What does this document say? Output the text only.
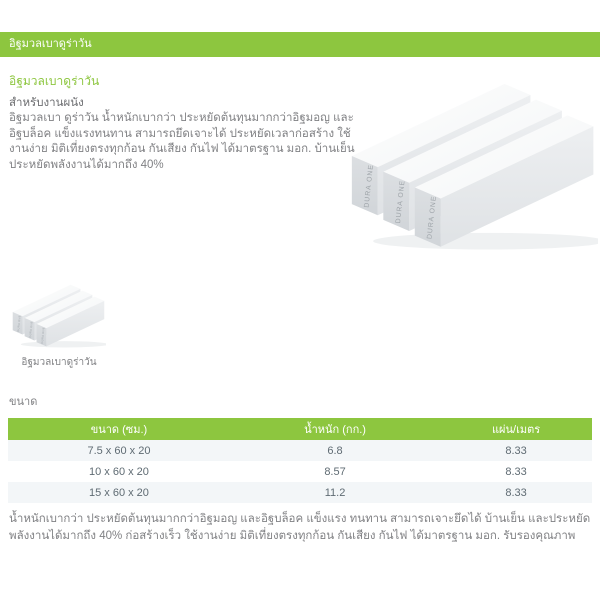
อิฐมวลเบาดูร่าวัน
อิฐมวลเบาดูร่าวัน

สำหรับงานผนัง

อิฐมวลเบา ดูร่าวัน น้ำหนักเบากว่า ประหยัดต้นทุนมากกว่าอิฐมอญ และอิฐบล็อค แข็งแรงทนทาน สามารถยึดเจาะได้ ประหยัดเวลาก่อสร้าง ใช้งานง่าย มิติเที่ยงตรงทุกก้อน กันเสียง กันไฟ ได้มาตรฐาน มอก. บ้านเย็น ประหยัดพลังงานได้มากถึง 40%

อิฐมวลเบาดูร่าวัน

ขนาด

ขนาด (ซม.)	น้ำหนัก (กก.)	แผ่น/เมตร
7.5 x 60 x 20	6.8	8.33
10 x 60 x 20	8.57	8.33
15 x 60 x 20	11.2	8.33

น้ำหนักเบากว่า ประหยัดต้นทุนมากกว่าอิฐมอญ และอิฐบล็อค แข็งแรง ทนทาน สามารถเจาะยึดได้ บ้านเย็น และประหยัดพลังงานได้มากถึง 40% ก่อสร้างเร็ว ใช้งานง่าย มิติเที่ยงตรงทุกก้อน กันเสียง กันไฟ ได้มาตรฐาน มอก. รับรองคุณภาพ
